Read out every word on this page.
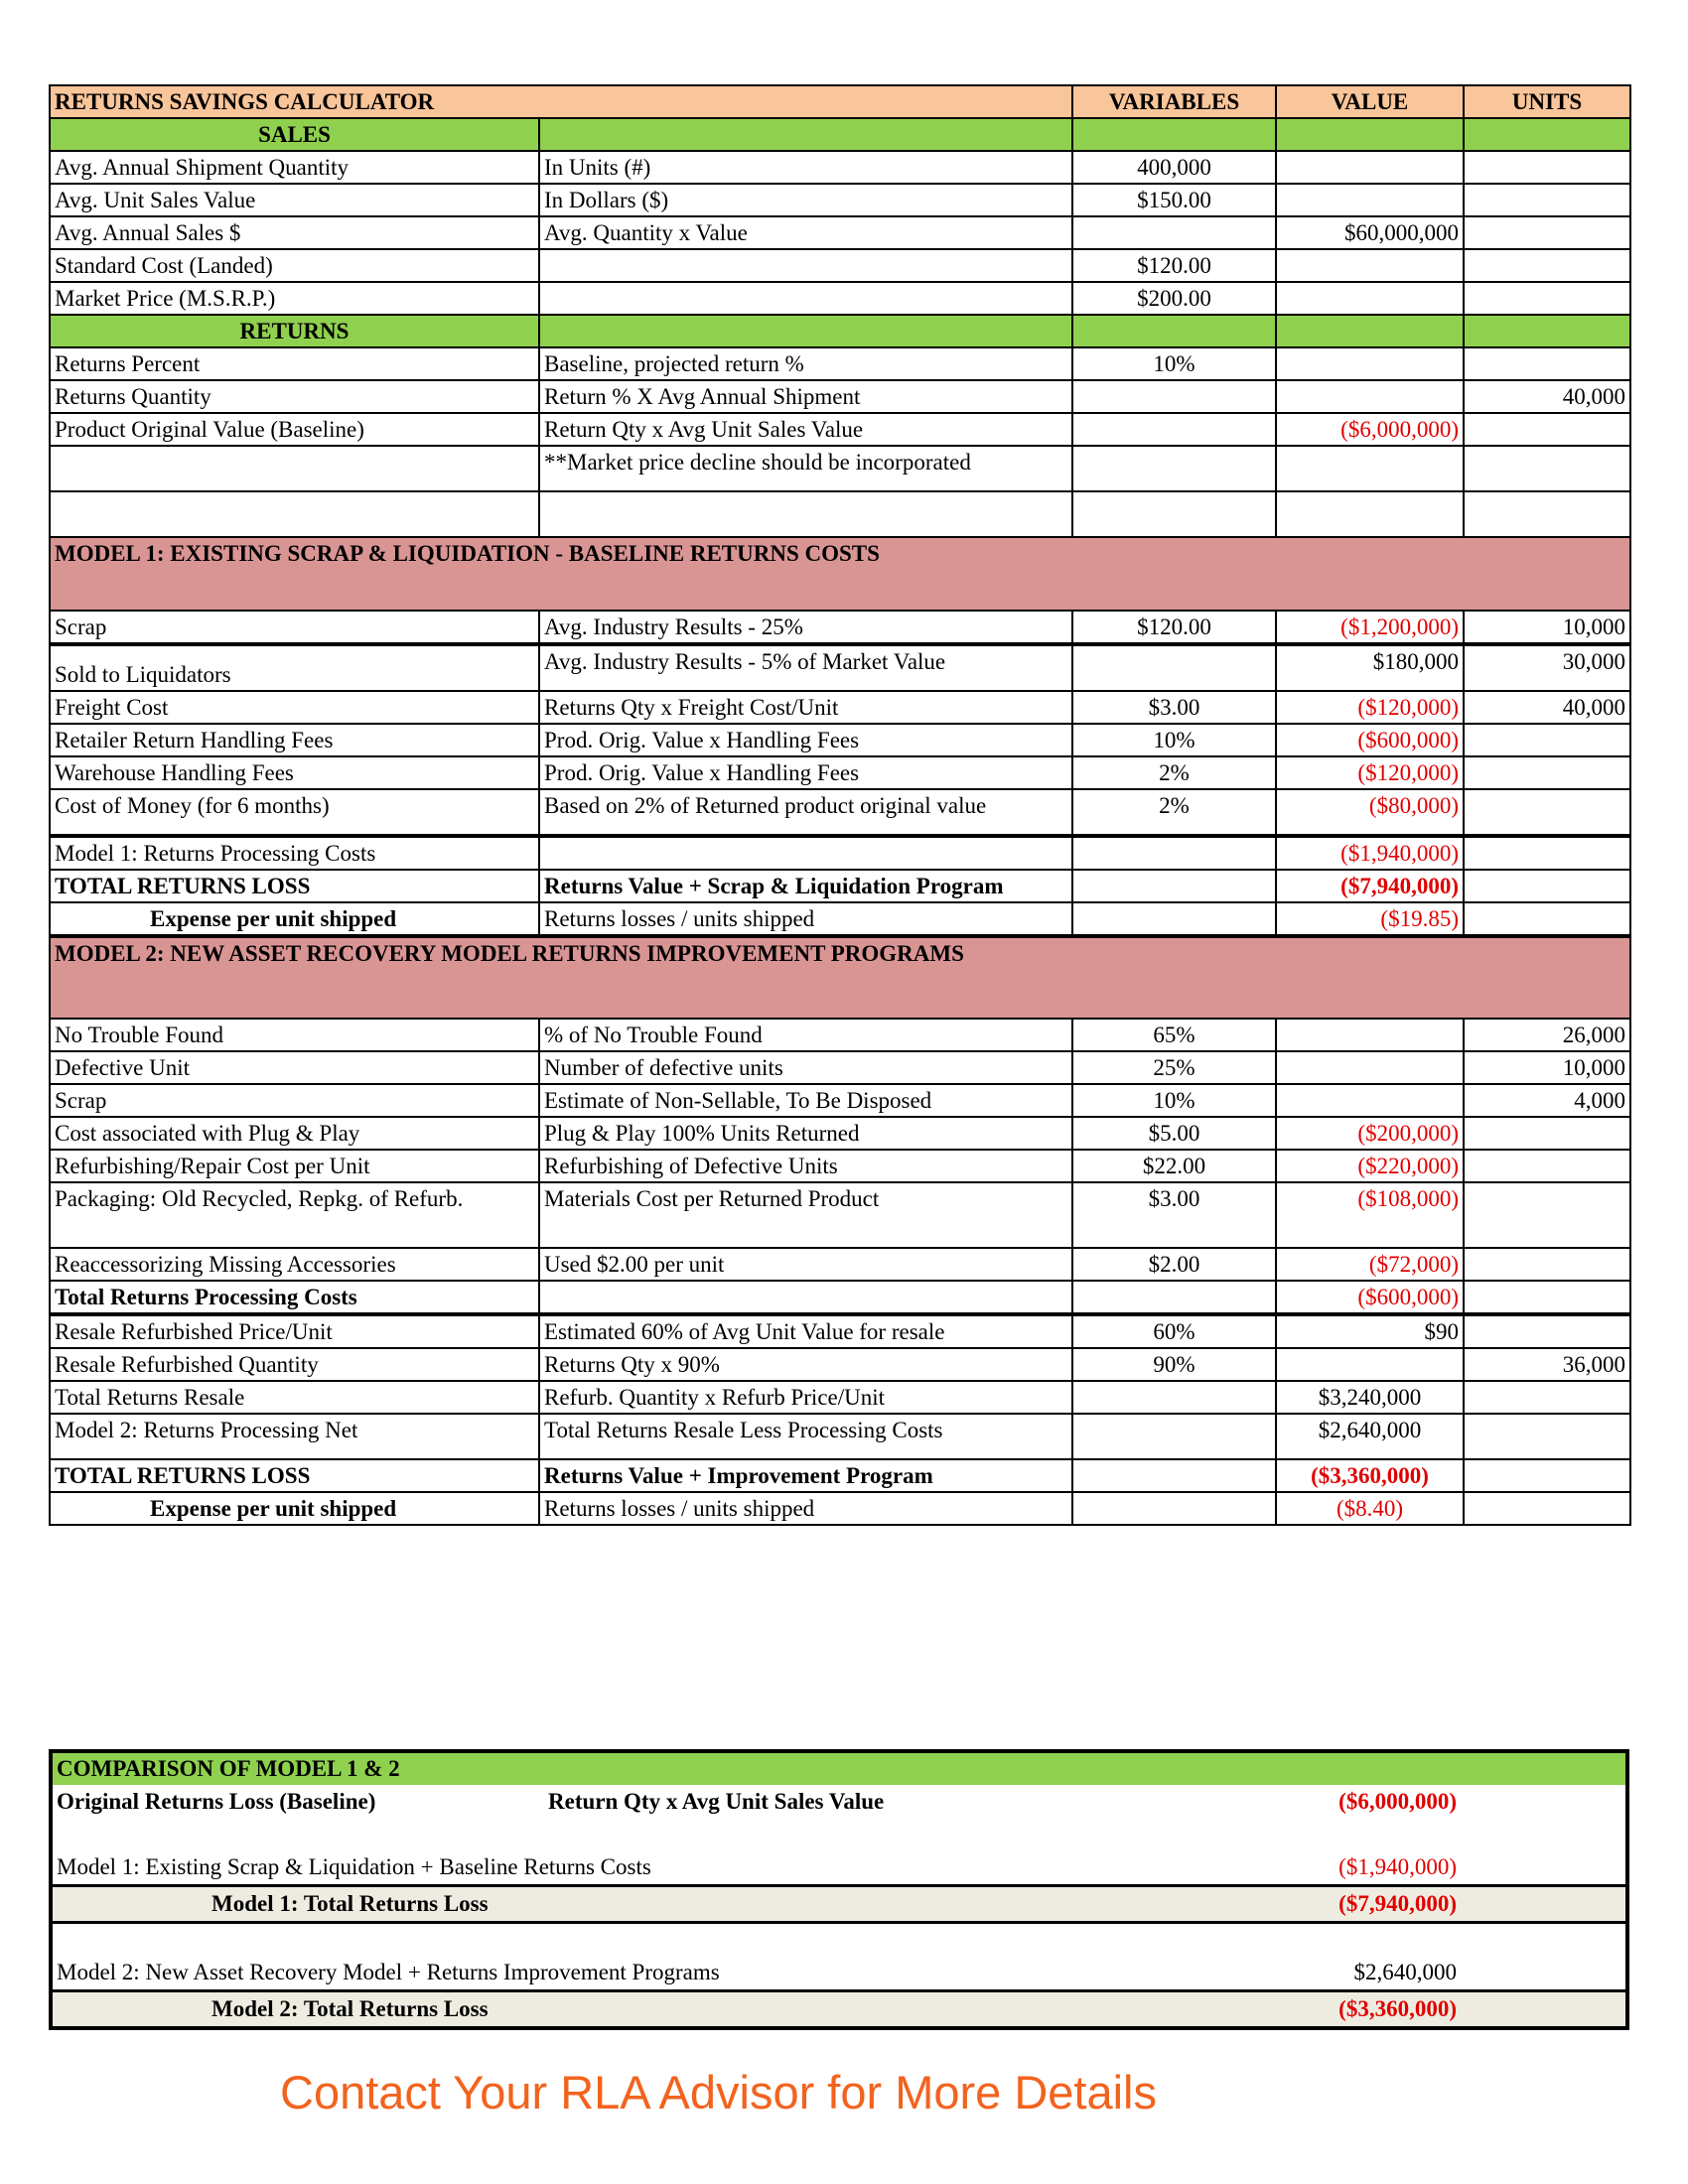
RETURNS SAVINGS CALCULATOR		VARIABLES	VALUE	UNITS
SALES				
Avg. Annual Shipment Quantity	In Units (#)	400,000		
Avg. Unit Sales Value	In Dollars ($)	$150.00		
Avg. Annual Sales $	Avg. Quantity x Value		$60,000,000	
Standard Cost (Landed)		$120.00		
Market Price (M.S.R.P.)		$200.00		
RETURNS				
Returns Percent	Baseline, projected return %	10%		
Returns Quantity	Return % X Avg Annual Shipment			40,000
Product Original Value (Baseline)	Return Qty x Avg Unit Sales Value		($6,000,000)	
	**Market price decline should be incorporated			

MODEL 1: EXISTING SCRAP & LIQUIDATION - BASELINE RETURNS COSTS				
Scrap	Avg. Industry Results - 25%	$120.00	($1,200,000)	10,000

Sold to Liquidators	Avg. Industry Results - 5% of Market Value		$180,000	30,000
Freight Cost	Returns Qty x Freight Cost/Unit	$3.00	($120,000)	40,000
Retailer Return Handling Fees	Prod. Orig. Value x Handling Fees	10%	($600,000)	
Warehouse Handling Fees	Prod. Orig. Value x Handling Fees	2%	($120,000)	
Cost of Money (for 6 months)	Based on 2% of Returned product original value	2%	($80,000)	

Model 1: Returns Processing Costs			($1,940,000)	
TOTAL RETURNS LOSS	Returns Value + Scrap & Liquidation Program		($7,940,000)	
Expense per unit shipped	Returns losses / units shipped		($19.85)	

MODEL 2: NEW ASSET RECOVERY MODEL RETURNS IMPROVEMENT PROGRAMS				
No Trouble Found	% of No Trouble Found	65%		26,000
Defective Unit	Number of defective units	25%		10,000
Scrap	Estimate of Non-Sellable, To Be Disposed	10%		4,000
Cost associated with Plug & Play	Plug & Play 100% Units Returned	$5.00	($200,000)	
Refurbishing/Repair Cost per Unit	Refurbishing of Defective Units	$22.00	($220,000)	
Packaging: Old Recycled, Repkg. of Refurb.	Materials Cost per Returned Product	$3.00	($108,000)	
Reaccessorizing Missing Accessories	Used $2.00 per unit	$2.00	($72,000)	
Total Returns Processing Costs			($600,000)	

Resale Refurbished Price/Unit	Estimated 60% of Avg Unit Value for resale	60%	$90	
Resale Refurbished Quantity	Returns Qty x 90%	90%		36,000
Total Returns Resale	Refurb. Quantity x Refurb Price/Unit		$3,240,000	
Model 2: Returns Processing Net	Total Returns Resale Less Processing Costs		$2,640,000	
TOTAL RETURNS LOSS	Returns Value + Improvement Program		($3,360,000)	
Expense per unit shipped	Returns losses / units shipped		($8.40)	
COMPARISON OF MODEL 1 & 2
Original Returns Loss (Baseline)	Return Qty x Avg Unit Sales Value	($6,000,000)
Model 1: Existing Scrap & Liquidation + Baseline Returns Costs	($1,940,000)
Model 1: Total Returns Loss	($7,940,000)
Model 2: New Asset Recovery Model + Returns Improvement Programs	$2,640,000
Model 2: Total Returns Loss	($3,360,000)
Contact Your RLA Advisor for More Details
